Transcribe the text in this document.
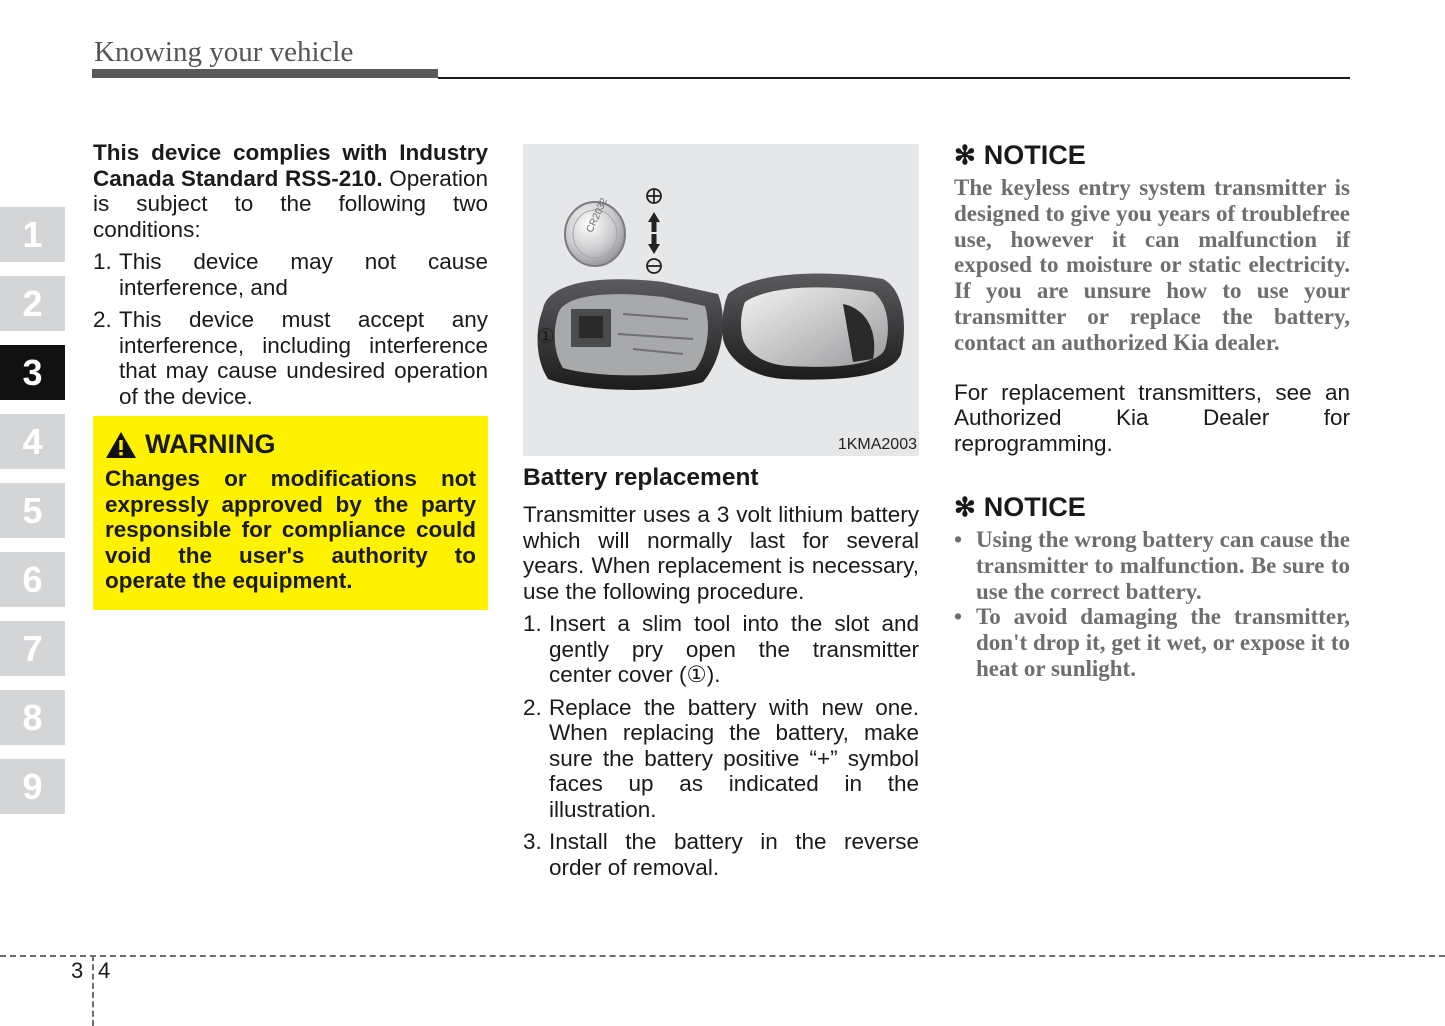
Knowing your vehicle
1
2
3
4
5
6
7
8
9

This device complies with Industry Canada Standard RSS-210. Operation is subject to the following two conditions:

1. This device may not cause interference, and
2. This device must accept any interference, including interference that may cause undesired operation of the device.
WARNING
Changes or modifications not expressly approved by the party responsible for compliance could void the user's authority to operate the equipment.
①
CR2032
1KMA2003
Battery replacement

Transmitter uses a 3 volt lithium battery which will normally last for several years. When replacement is necessary, use the following procedure.

1. Insert a slim tool into the slot and gently pry open the transmitter center cover (①).
2. Replace the battery with new one. When replacing the battery, make sure the battery positive “+” symbol faces up as indicated in the illustration.
3. Install the battery in the reverse order of removal.
✻ NOTICE

The keyless entry system transmitter is designed to give you years of troublefree use, however it can malfunction if exposed to moisture or static electricity. If you are unsure how to use your transmitter or replace the battery, contact an authorized Kia dealer.

For replacement transmitters, see an Authorized Kia Dealer for reprogramming.

✻ NOTICE
• Using the wrong battery can cause the transmitter to malfunction. Be sure to use the correct battery.
• To avoid damaging the transmitter, don't drop it, get it wet, or expose it to heat or sunlight.
3 4
